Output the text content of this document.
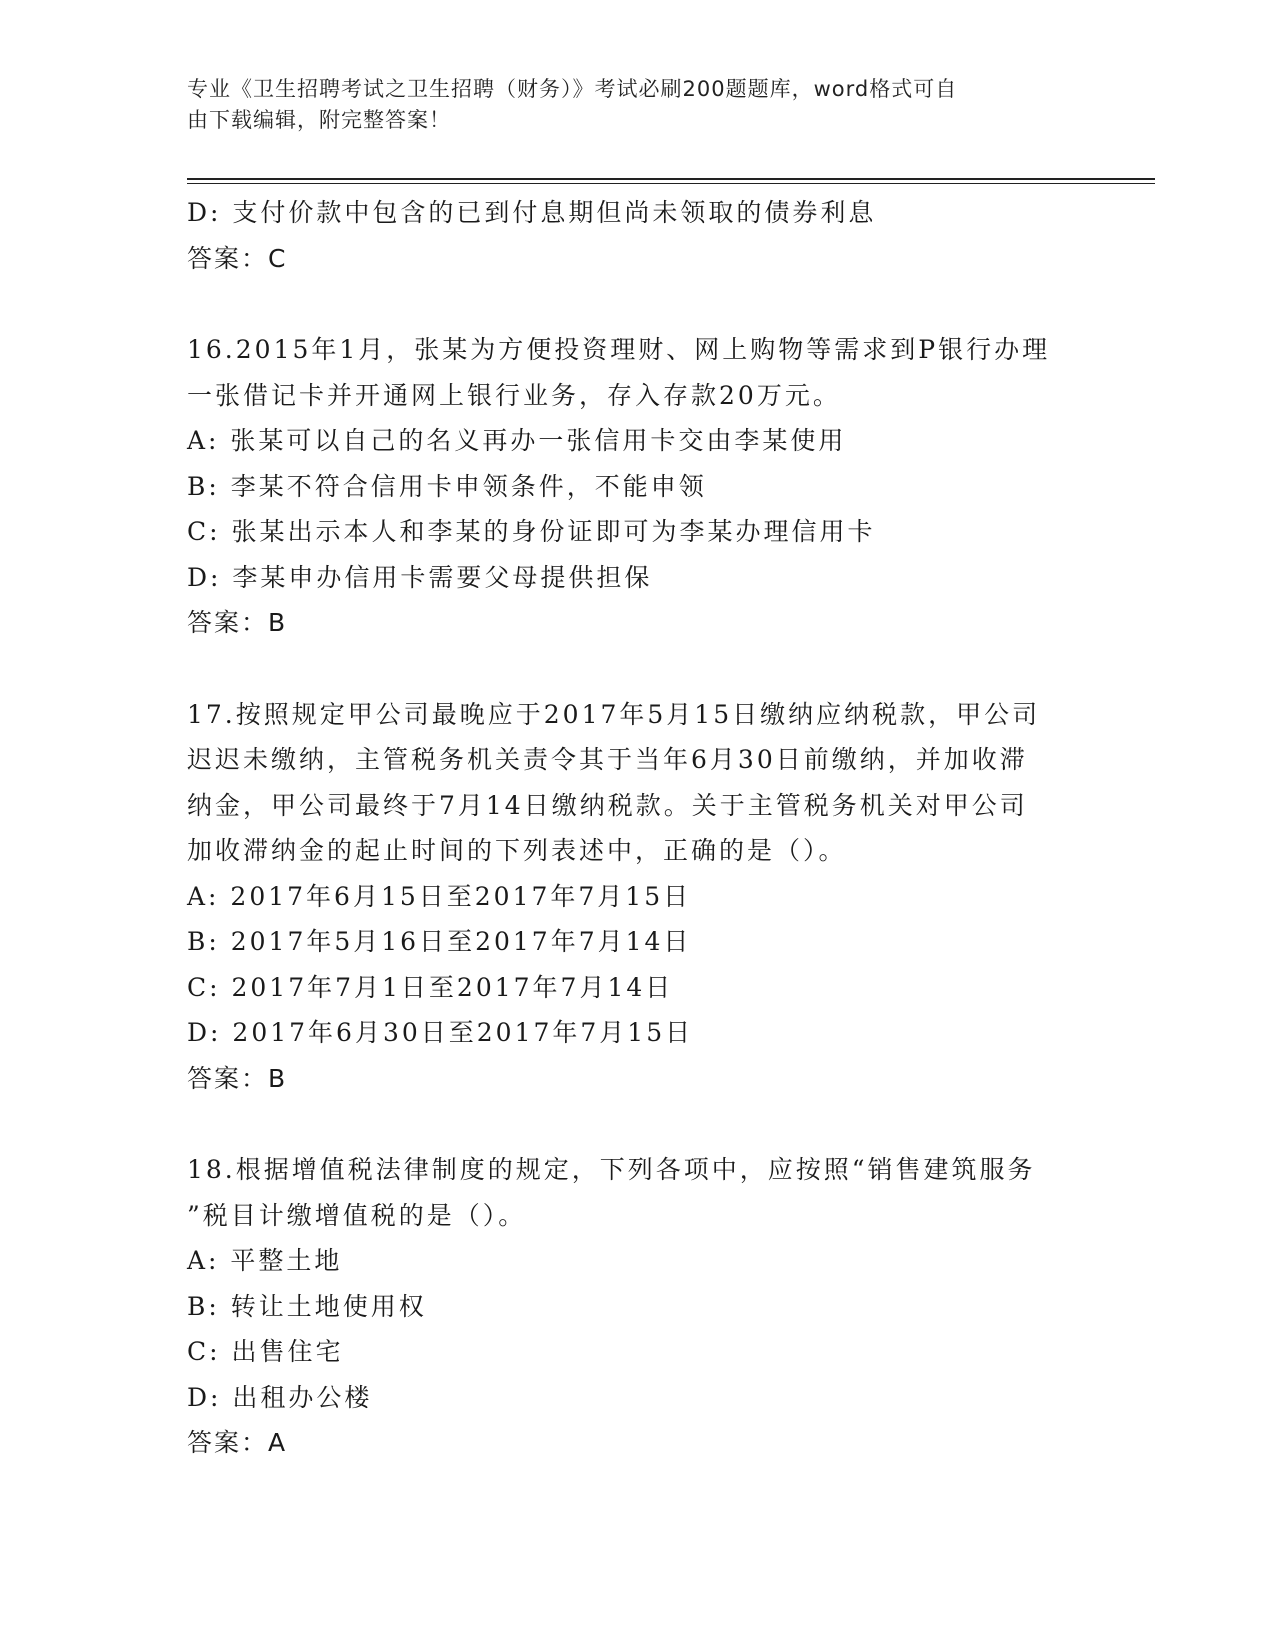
专业《卫生招聘考试之卫生招聘（财务）》考试必刷200题题库，word格式可自
由下载编辑，附完整答案！
D: 支付价款中包含的已到付息期但尚未领取的债券利息
答案：C
16.2015年1月，张某为方便投资理财、网上购物等需求到P银行办理
一张借记卡并开通网上银行业务，存入存款20万元。
A: 张某可以自己的名义再办一张信用卡交由李某使用
B: 李某不符合信用卡申领条件，不能申领
C: 张某出示本人和李某的身份证即可为李某办理信用卡
D: 李某申办信用卡需要父母提供担保
答案：B
17.按照规定甲公司最晚应于2017年5月15日缴纳应纳税款，甲公司
迟迟未缴纳，主管税务机关责令其于当年6月30日前缴纳，并加收滞
纳金，甲公司最终于7月14日缴纳税款。关于主管税务机关对甲公司
加收滞纳金的起止时间的下列表述中，正确的是（）。
A: 2017年6月15日至2017年7月15日
B: 2017年5月16日至2017年7月14日
C: 2017年7月1日至2017年7月14日
D: 2017年6月30日至2017年7月15日
答案：B
18.根据增值税法律制度的规定，下列各项中，应按照“销售建筑服务
”税目计缴增值税的是（）。
A: 平整土地
B: 转让土地使用权
C: 出售住宅
D: 出租办公楼
答案：A
